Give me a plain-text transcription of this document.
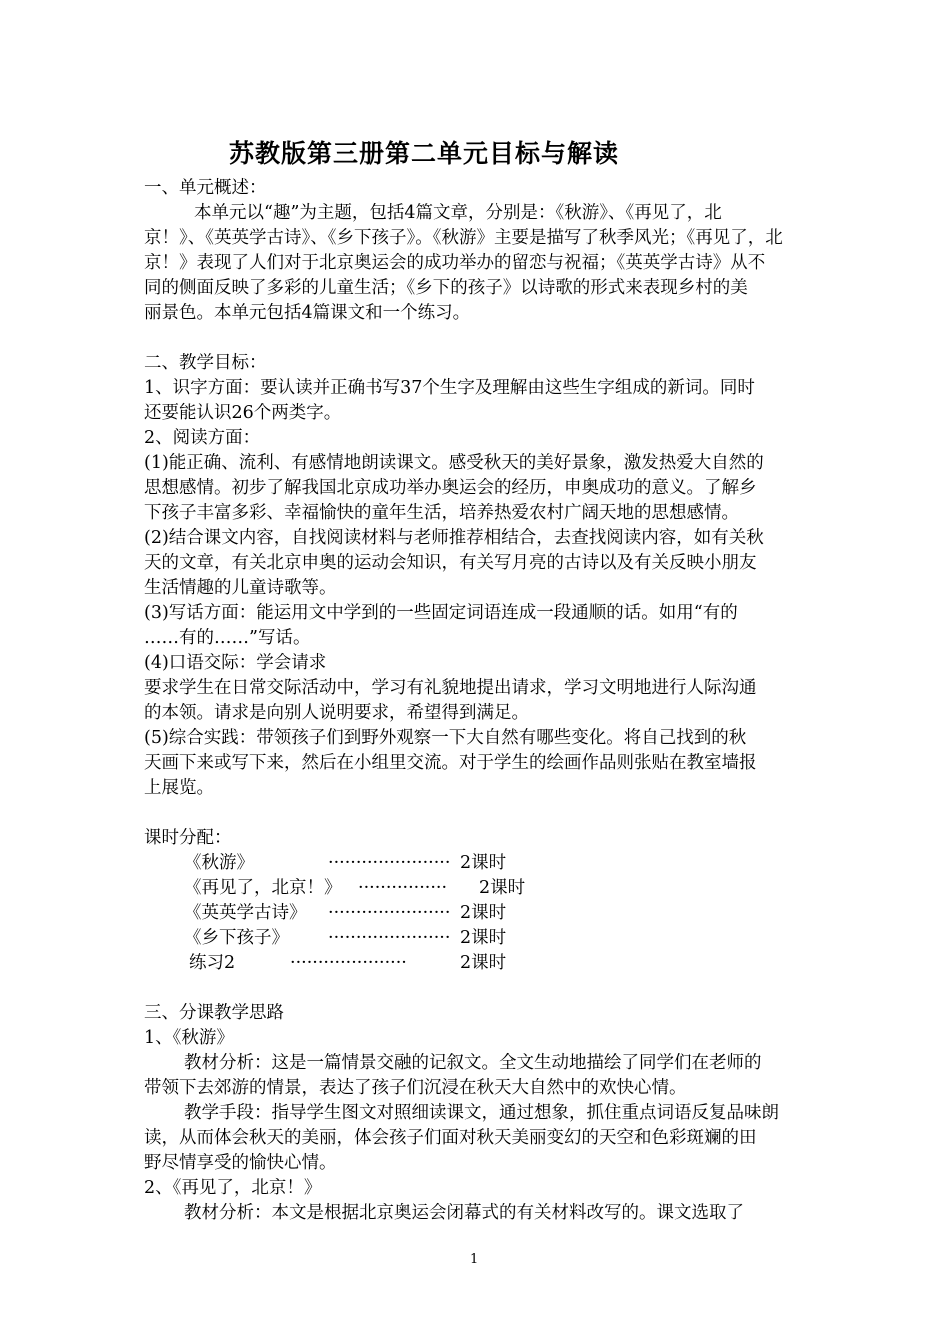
苏教版第三册第二单元目标与解读
一、单元概述：
本单元以“趣”为主题，包括4篇文章，分别是：《秋游》、《再见了，北
京！》、《英英学古诗》、《乡下孩子》。《秋游》主要是描写了秋季风光；《再见了，北
京！》表现了人们对于北京奥运会的成功举办的留恋与祝福；《英英学古诗》从不
同的侧面反映了多彩的儿童生活；《乡下的孩子》以诗歌的形式来表现乡村的美
丽景色。本单元包括4篇课文和一个练习。
二、教学目标：
1、识字方面：要认读并正确书写37个生字及理解由这些生字组成的新词。同时
还要能认识26个两类字。
2、阅读方面：
(1)能正确、流利、有感情地朗读课文。感受秋天的美好景象，激发热爱大自然的
思想感情。初步了解我国北京成功举办奥运会的经历，申奥成功的意义。了解乡
下孩子丰富多彩、幸福愉快的童年生活，培养热爱农村广阔天地的思想感情。
(2)结合课文内容，自找阅读材料与老师推荐相结合，去查找阅读内容，如有关秋
天的文章，有关北京申奥的运动会知识，有关写月亮的古诗以及有关反映小朋友
生活情趣的儿童诗歌等。
(3)写话方面：能运用文中学到的一些固定词语连成一段通顺的话。如用“有的
……有的……”写话。
(4)口语交际：学会请求
要求学生在日常交际活动中，学习有礼貌地提出请求，学习文明地进行人际沟通
的本领。请求是向别人说明要求，希望得到满足。
(5)综合实践：带领孩子们到野外观察一下大自然有哪些变化。将自己找到的秋
天画下来或写下来，然后在小组里交流。对于学生的绘画作品则张贴在教室墙报
上展览。
课时分配：
《秋游》	······················ 2课时
《再见了，北京！》 ················ 2课时
《英英学古诗》 ······················ 2课时
《乡下孩子》 ······················ 2课时
练习2	·····················	2课时
三、分课教学思路
1、《秋游》
教材分析：这是一篇情景交融的记叙文。全文生动地描绘了同学们在老师的
带领下去郊游的情景，表达了孩子们沉浸在秋天大自然中的欢快心情。
教学手段：指导学生图文对照细读课文，通过想象，抓住重点词语反复品味朗
读，从而体会秋天的美丽，体会孩子们面对秋天美丽变幻的天空和色彩斑斓的田
野尽情享受的愉快心情。
2、《再见了，北京！》
教材分析：本文是根据北京奥运会闭幕式的有关材料改写的。课文选取了
1
